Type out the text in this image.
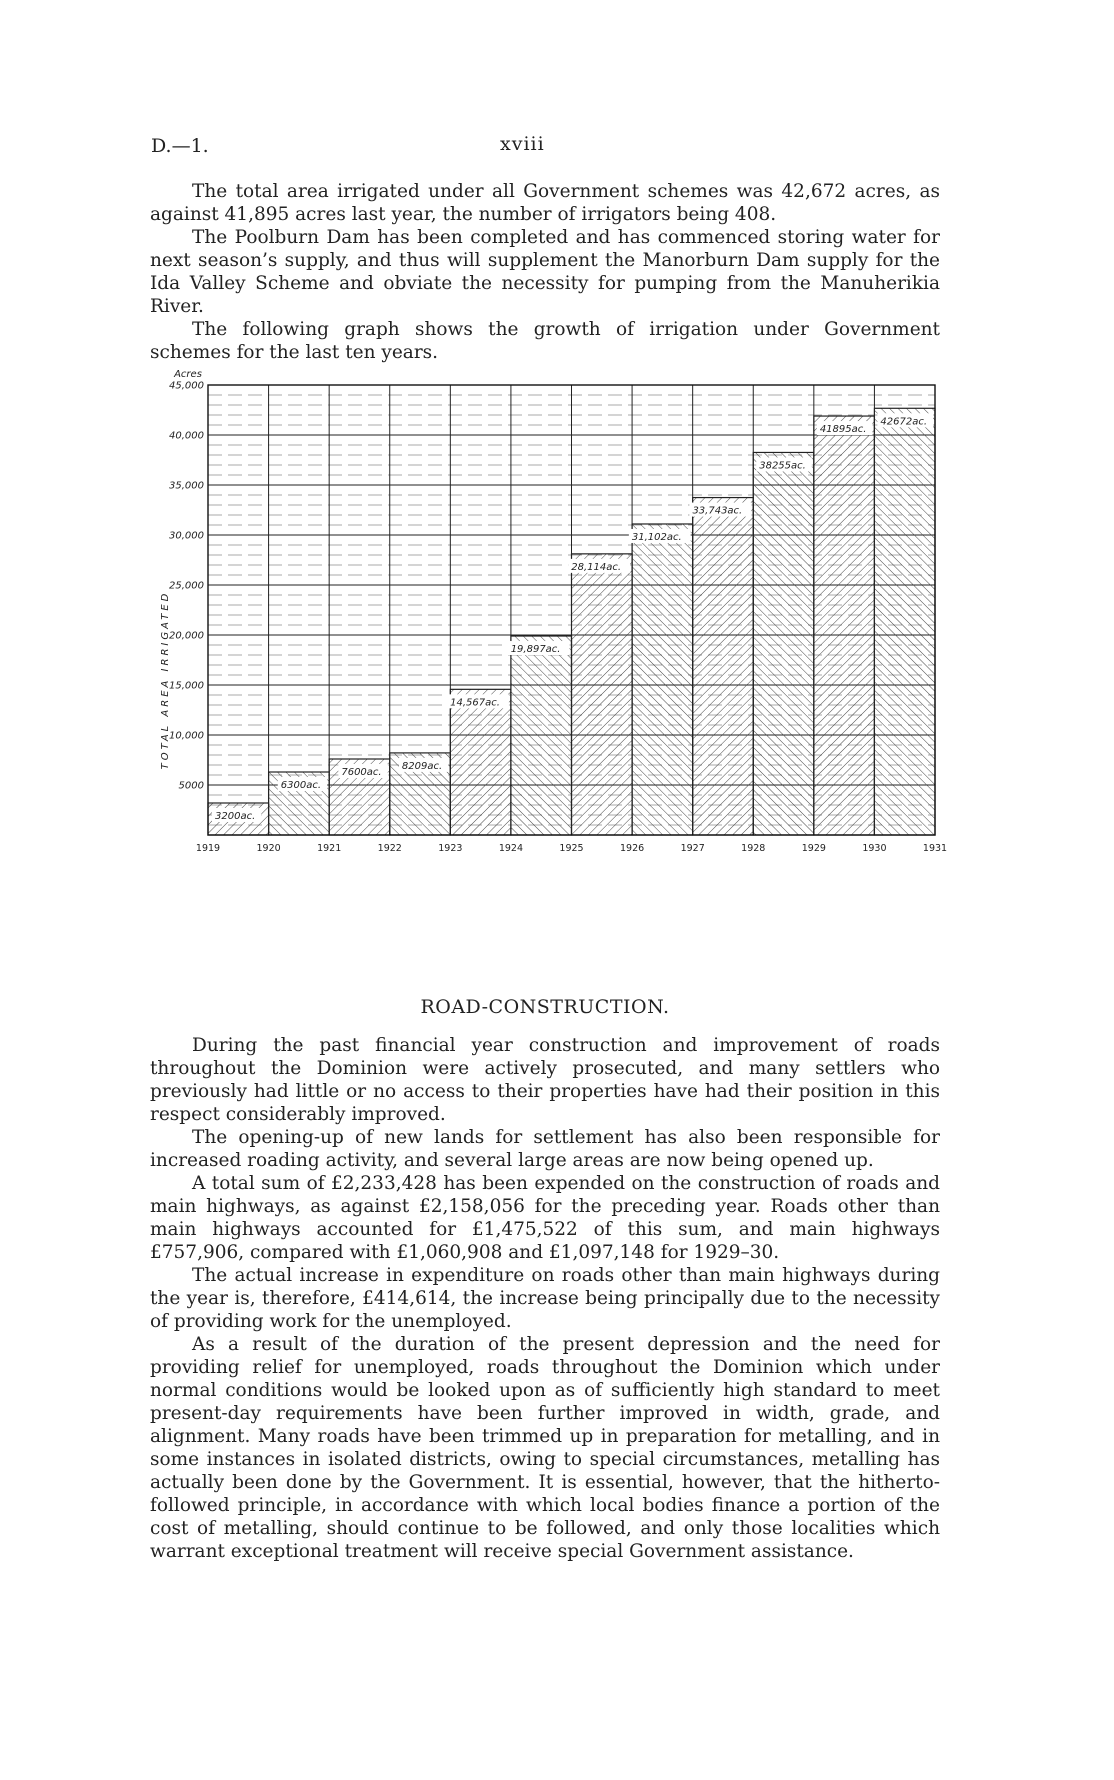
D.—1.	xviii

The total area irrigated under all Government schemes was 42,672 acres, as against 41,895 acres last year, the number of irrigators being 408.

The Poolburn Dam has been completed and has commenced storing water for next season’s supply, and thus will supplement the Manorburn Dam supply for the Ida Valley Scheme and obviate the necessity for pumping from the Manuherikia River.

The following graph shows the growth of irrigation under Government schemes for the last ten years.

5000
10,000
15,000
20,000
25,000
30,000
35,000
40,000
45,000
Acres
TOTAL AREA IRRIGATED
1919	1920	1921	1922	1923	1924	1925	1926	1927	1928	1929	1930	1931
3200ac.
6300ac.
7600ac.
8209ac.
14,567ac.
19,897ac.
28,114ac.
31,102ac.
33,743ac.
38255ac.
41895ac.
42672ac.
ROAD-CONSTRUCTION.

During the past financial year construction and improvement of roads throughout the Dominion were actively prosecuted, and many settlers who previously had little or no access to their properties have had their position in this respect considerably improved.

The opening-up of new lands for settlement has also been responsible for increased roading activity, and several large areas are now being opened up.

A total sum of £2,233,428 has been expended on the construction of roads and main highways, as against £2,158,056 for the preceding year. Roads other than main highways accounted for £1,475,522 of this sum, and main highways £757,906, compared with £1,060,908 and £1,097,148 for 1929–30.

The actual increase in expenditure on roads other than main highways during the year is, therefore, £414,614, the increase being principally due to the necessity of providing work for the unemployed.

As a result of the duration of the present depression and the need for providing relief for unemployed, roads throughout the Dominion which under normal conditions would be looked upon as of sufficiently high standard to meet present-day requirements have been further improved in width, grade, and alignment. Many roads have been trimmed up in preparation for metalling, and in some instances in isolated districts, owing to special circumstances, metalling has actually been done by the Government. It is essential, however, that the hitherto-followed principle, in accordance with which local bodies finance a portion of the cost of metalling, should continue to be followed, and only those localities which warrant exceptional treatment will receive special Government assistance.
